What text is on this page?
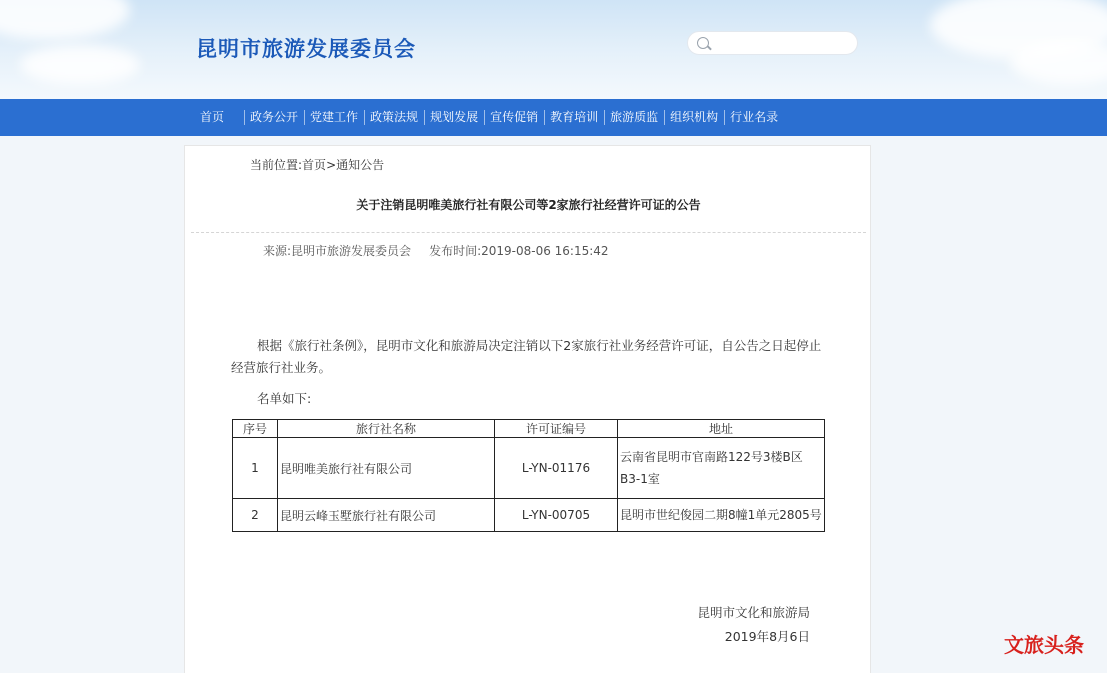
昆明市旅游发展委员会
首页	政务公开	党建工作	政策法规	规划发展	宣传促销	教育培训	旅游质监	组织机构	行业名录
当前位置:首页>通知公告
关于注销昆明唯美旅行社有限公司等2家旅行社经营许可证的公告
来源:昆明市旅游发展委员会 发布时间:2019-08-06 16:15:42

根据《旅行社条例》，昆明市文化和旅游局决定注销以下2家旅行社业务经营许可证，自公告之日起停止经营旅行社业务。

名单如下:
序号	旅行社名称	许可证编号	地址
1	昆明唯美旅行社有限公司	L-YN-01176	云南省昆明市官南路122号3楼B区B3-1室
2	昆明云峰玉墅旅行社有限公司	L-YN-00705	昆明市世纪俊园二期8幢1单元2805号
昆明市文化和旅游局
2019年8月6日	文旅头条
